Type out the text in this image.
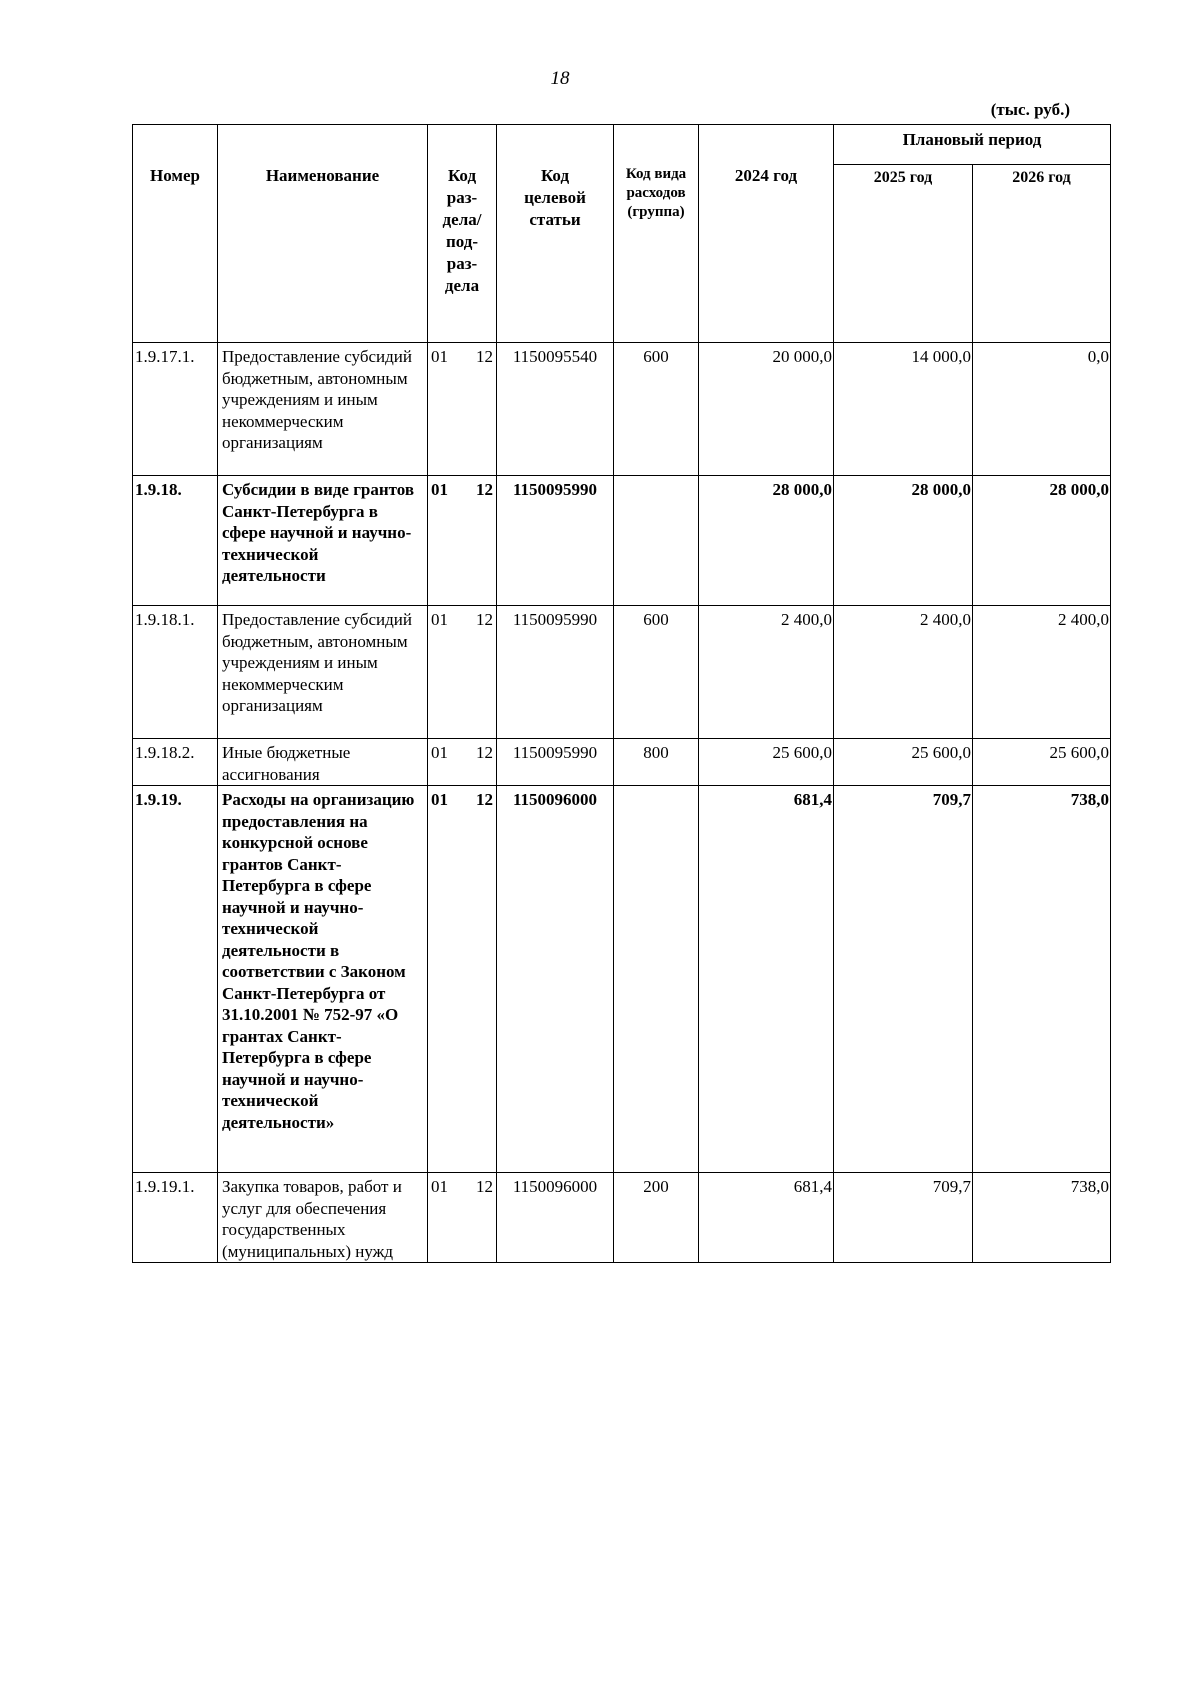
18
(тыс. руб.)
Номер	Наименование	Код раз-дела/ под-раз-дела	Код целевой статьи	Код вида расходов (группа)	2024 год	Плановый период	
						2025 год	2026 год
1.9.17.1.	Предоставление субсидий бюджетным, автономным учреждениям и иным некоммерческим организациям	01 12	1150095540	600	20 000,0	14 000,0	0,0
1.9.18.	Субсидии в виде грантов Санкт-Петербурга в сфере научной и научно-технической деятельности	01 12	1150095990		28 000,0	28 000,0	28 000,0
1.9.18.1.	Предоставление субсидий бюджетным, автономным учреждениям и иным некоммерческим организациям	01 12	1150095990	600	2 400,0	2 400,0	2 400,0
1.9.18.2.	Иные бюджетные ассигнования	01 12	1150095990	800	25 600,0	25 600,0	25 600,0
1.9.19.	Расходы на организацию предоставления на конкурсной основе грантов Санкт-Петербурга в сфере научной и научно-технической деятельности в соответствии с Законом Санкт-Петербурга от 31.10.2001 № 752-97 «О грантах Санкт-Петербурга в сфере научной и научно-технической деятельности»	01 12	1150096000		681,4	709,7	738,0
1.9.19.1.	Закупка товаров, работ и услуг для обеспечения государственных (муниципальных) нужд	01 12	1150096000	200	681,4	709,7	738,0
